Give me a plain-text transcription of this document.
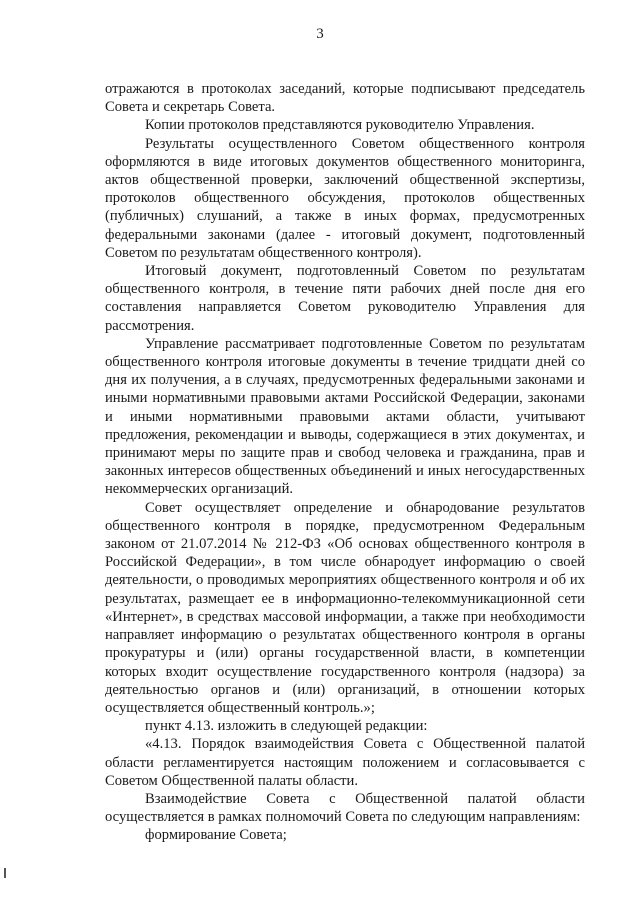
3

отражаются в протоколах заседаний, которые подписывают председатель Совета и секретарь Совета.

Копии протоколов представляются руководителю Управления.

Результаты осуществленного Советом общественного контроля оформляются в виде итоговых документов общественного мониторинга, актов общественной проверки, заключений общественной экспертизы, протоколов общественного обсуждения, протоколов общественных (публичных) слушаний, а также в иных формах, предусмотренных федеральными законами (далее - итоговый документ, подготовленный Советом по результатам общественного контроля).

Итоговый документ, подготовленный Советом по результатам общественного контроля, в течение пяти рабочих дней после дня его составления направляется Советом руководителю Управления для рассмотрения.

Управление рассматривает подготовленные Советом по результатам общественного контроля итоговые документы в течение тридцати дней со дня их получения, а в случаях, предусмотренных федеральными законами и иными нормативными правовыми актами Российской Федерации, законами и иными нормативными правовыми актами области, учитывают предложения, рекомендации и выводы, содержащиеся в этих документах, и принимают меры по защите прав и свобод человека и гражданина, прав и законных интересов общественных объединений и иных негосударственных некоммерческих организаций.

Совет осуществляет определение и обнародование результатов общественного контроля в порядке, предусмотренном Федеральным законом от 21.07.2014 № 212-ФЗ «Об основах общественного контроля в Российской Федерации», в том числе обнародует информацию о своей деятельности, о проводимых мероприятиях общественного контроля и об их результатах, размещает ее в информационно-телекоммуникационной сети «Интернет», в средствах массовой информации, а также при необходимости направляет информацию о результатах общественного контроля в органы прокуратуры и (или) органы государственной власти, в компетенции которых входит осуществление государственного контроля (надзора) за деятельностью органов и (или) организаций, в отношении которых осуществляется общественный контроль.»;

пункт 4.13. изложить в следующей редакции:

«4.13. Порядок взаимодействия Совета с Общественной палатой области регламентируется настоящим положением и согласовывается с Советом Общественной палаты области.

Взаимодействие Совета с Общественной палатой области осуществляется в рамках полномочий Совета по следующим направлениям:

формирование Совета;
